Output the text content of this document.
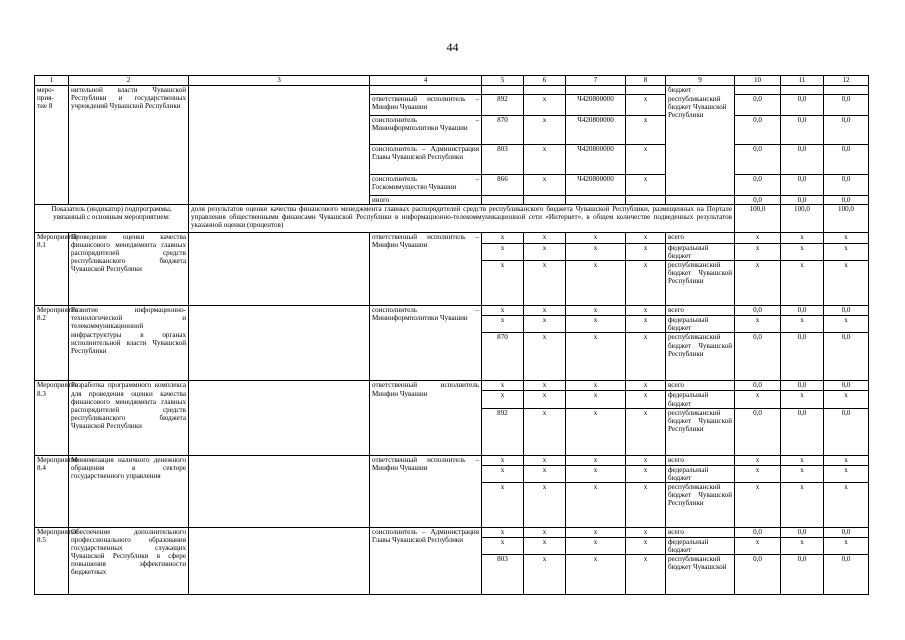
44
1	2	3	4	5	6	7	8	9	10	11	12
меро-
прия-
тие 8	нительной власти Чувашской Республики и государственных учреждений Чувашской Республики							бюджет			
			ответственный исполнитель – Минфин Чувашии	892	x	Ч420800000	x	республиканский бюджет Чувашской Республики	0,0	0,0	0,0
			соисполнитель – Мининформполитики Чувашии	870	x	Ч420800000	x		0,0	0,0	0,0
			соисполнитель – Администрация Главы Чувашской Республики	803	x	Ч420800000	x		0,0	0,0	0,0
			соисполнитель – Госкомимущество Чувашии	866	x	Ч420800000	x		0,0	0,0	0,0
			иного						0,0	0,0	0,0
Показатель (индикатор) подпрограммы, увязанный с основным мероприятием:		доля результатов оценки качества финансового менеджмента главных распорядителей средств республиканского бюджета Чувашской Республики, размещенных на Портале управления общественными финансами Чувашской Республики в информационно-телекоммуникационной сети «Интернет», в общем количестве подведенных результатов указанной оценки (процентов)							100,0	100,0	100,0
Мероприятие 8.1	Проведение оценки качества финансового менеджмента главных распорядителей средств республиканского бюджета Чувашской Республики		ответственный исполнитель – Минфин Чувашии	x	x	x	x	всего	x	x	x
				x	x	x	x	федеральный бюджет	x	x	x
				x	x	x	x	республиканский бюджет Чувашской Республики	x	x	x
Мероприятие 8.2	Развитие информационно-технологической и телекоммуникационной инфраструктуры в органах исполнительной власти Чувашской Республики		соисполнитель – Мининформполитики Чувашии	x	x	x	x	всего	0,0	0,0	0,0
				x	x	x	x	федеральный бюджет	x	x	x
				870	x	x	x	республиканский бюджет Чувашской Республики	0,0	0,0	0,0
Мероприятие 8.3	Разработка программного комплекса для проведения оценки качества финансового менеджмента главных распорядителей средств республиканского бюджета Чувашской Республики		ответственный исполнитель Минфин Чувашии	x	x	x	x	всего	0,0	0,0	0,0
				x	x	x	x	федеральный бюджет	x	x	x
				892	x	x	x	республиканский бюджет Чувашской Республики	0,0	0,0	0,0
Мероприятие 8.4	Минимизация наличного денежного обращения в секторе государственного управления		ответственный исполнитель – Минфин Чувашии	x	x	x	x	всего	x	x	x
				x	x	x	x	федеральный бюджет	x	x	x
				x	x	x	x	республиканский бюджет Чувашской Республики	x	x	x
Мероприятие 8.5	Обеспечение дополнительного профессионального образования государственных служащих Чувашской Республики в сфере повышения эффективности бюджетных		соисполнитель – Администрация Главы Чувашской Республики	x	x	x	x	всего	0,0	0,0	0,0
				x	x	x	x	федеральный бюджет	x	x	x
				803	x	x	x	республиканский бюджет Чувашской	0,0	0,0	0,0
